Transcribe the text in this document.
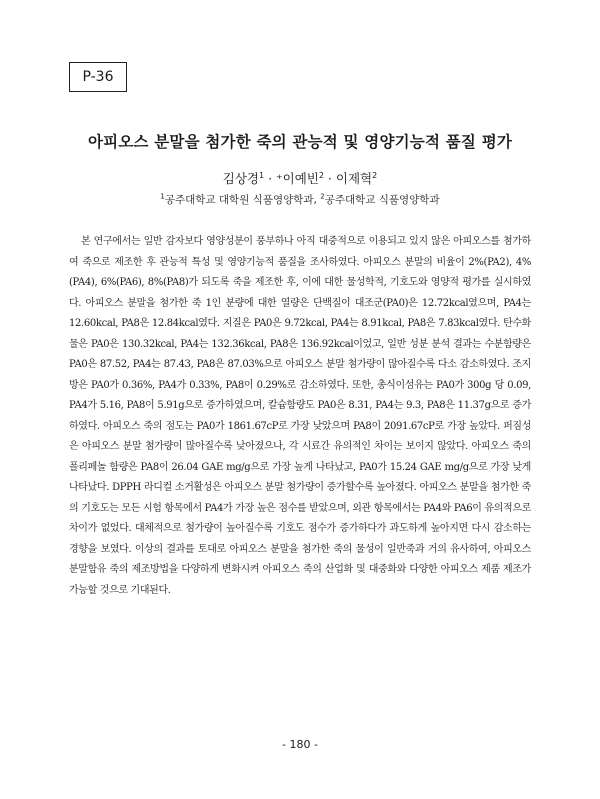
P-36
아피오스 분말을 첨가한 죽의 관능적 및 영양기능적 품질 평가
김상경$^1$ · ⁺이예빈$^2$ · 이제혁$^2$
$^1$공주대학교 대학원 식품영양학과, $^2$공주대학교 식품영양학과

본 연구에서는 일반 감자보다 영양성분이 풍부하나 아직 대중적으로 이용되고 있지 않은 아피오스를 첨가하여 죽으로 제조한 후 관능적 특성 및 영양기능적 품질을 조사하였다. 아피오스 분말의 비율이 2%(PA2), 4%(PA4), 6%(PA6), 8%(PA8)가 되도록 죽을 제조한 후, 이에 대한 물성학적, 기호도와 영양적 평가를 실시하였다. 아피오스 분말을 첨가한 죽 1인 분량에 대한 열량은 단백질이 대조군(PA0)은 12.72kcal였으며, PA4는 12.60kcal, PA8은 12.84kcal였다. 지질은 PA0은 9.72kcal, PA4는 8.91kcal, PA8은 7.83kcal였다. 탄수화물은 PA0은 130.32kcal, PA4는 132.36kcal, PA8은 136.92kcal이었고, 일반 성분 분석 결과는 수분함량은 PA0은 87.52, PA4는 87.43, PA8은 87.03%으로 아피오스 분말 첨가량이 많아질수록 다소 감소하였다. 조지방은 PA0가 0.36%, PA4가 0.33%, PA8이 0.29%로 감소하였다. 또한, 총식이섬유는 PA0가 300g 당 0.09, PA4가 5.16, PA8이 5.91g으로 증가하였으며, 칼슘함량도 PA0은 8.31, PA4는 9.3, PA8은 11.37g으로 증가하였다. 아피오스 죽의 점도는 PA0가 1861.67cP로 가장 낮았으며 PA8이 2091.67cP로 가장 높았다. 퍼짐성은 아피오스 분말 첨가량이 많아질수록 낮아졌으나, 각 시료간 유의적인 차이는 보이지 않았다. 아피오스 죽의 폴리페놀 함량은 PA8이 26.04 GAE mg/g으로 가장 높게 나타났고, PA0가 15.24 GAE mg/g으로 가장 낮게 나타났다. DPPH 라디컬 소거활성은 아피오스 분말 첨가량이 증가할수록 높아졌다. 아피오스 분말을 첨가한 죽의 기호도는 모든 시험 항목에서 PA4가 가장 높은 점수를 받았으며, 외관 항목에서는 PA4와 PA6이 유의적으로 차이가 없었다. 대체적으로 첨가량이 높아질수록 기호도 점수가 증가하다가 과도하게 높아지면 다시 감소하는 경향을 보였다. 이상의 결과를 토대로 아피오스 분말을 첨가한 죽의 물성이 일반죽과 거의 유사하여, 아피오스 분말함유 죽의 제조방법을 다양하게 변화시켜 아피오스 죽의 산업화 및 대중화와 다양한 아피오스 제품 제조가 가능할 것으로 기대된다.

- 180 -
